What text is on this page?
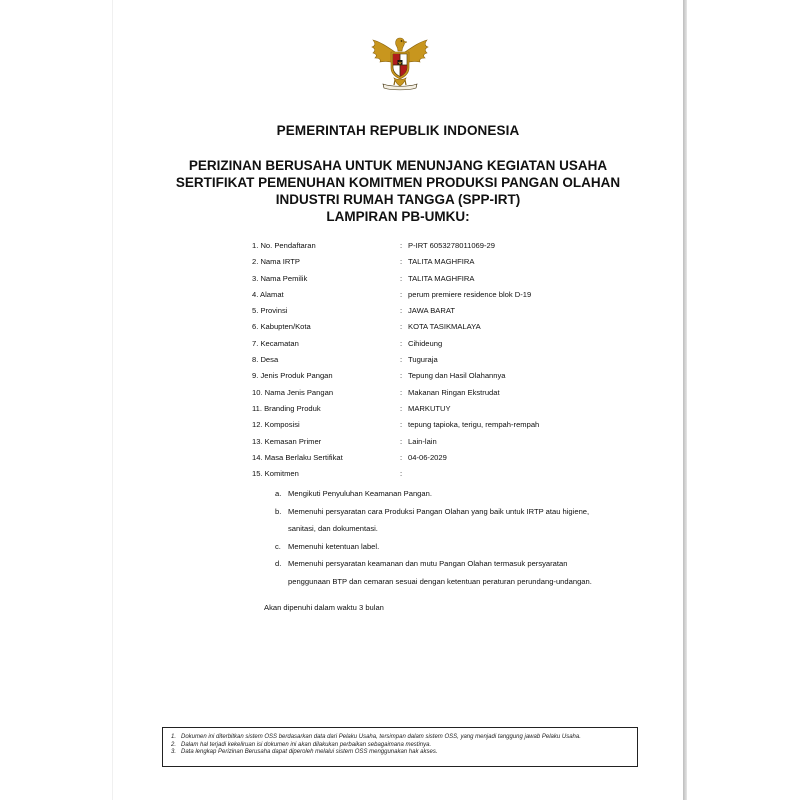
PEMERINTAH REPUBLIK INDONESIA
PERIZINAN BERUSAHA UNTUK MENUNJANG KEGIATAN USAHA
SERTIFIKAT PEMENUHAN KOMITMEN PRODUKSI PANGAN OLAHAN
INDUSTRI RUMAH TANGGA (SPP-IRT)
LAMPIRAN PB-UMKU:
1. No. Pendaftaran	: P-IRT 6053278011069-29
2. Nama IRTP	: TALITA MAGHFIRA
3. Nama Pemilik	: TALITA MAGHFIRA
4. Alamat	: perum premiere residence blok D-19
5. Provinsi	: JAWA BARAT
6. Kabupten/Kota	: KOTA TASIKMALAYA
7. Kecamatan	: Cihideung
8. Desa	: Tuguraja
9. Jenis Produk Pangan	: Tepung dan Hasil Olahannya
10. Nama Jenis Pangan	: Makanan Ringan Ekstrudat
11. Branding Produk	: MARKUTUY
12. Komposisi	: tepung tapioka, terigu, rempah-rempah
13. Kemasan Primer	: Lain-lain
14. Masa Berlaku Sertifikat	: 04-06-2029
15. Komitmen	:
a. Mengikuti Penyuluhan Keamanan Pangan.
b. Memenuhi persyaratan cara Produksi Pangan Olahan yang baik untuk IRTP atau higiene, sanitasi, dan dokumentasi.
c. Memenuhi ketentuan label.
d. Memenuhi persyaratan keamanan dan mutu Pangan Olahan termasuk persyaratan penggunaan BTP dan cemaran sesuai dengan ketentuan peraturan perundang-undangan.
Akan dipenuhi dalam waktu 3 bulan
1. Dokumen ini diterbitkan sistem OSS berdasarkan data dari Pelaku Usaha, tersimpan dalam sistem OSS, yang menjadi tanggung jawab Pelaku Usaha.
2. Dalam hal terjadi kekeliruan isi dokumen ini akan dilakukan perbaikan sebagaimana mestinya.
3. Data lengkap Perizinan Berusaha dapat diperoleh melalui sistem OSS menggunakan hak akses.
